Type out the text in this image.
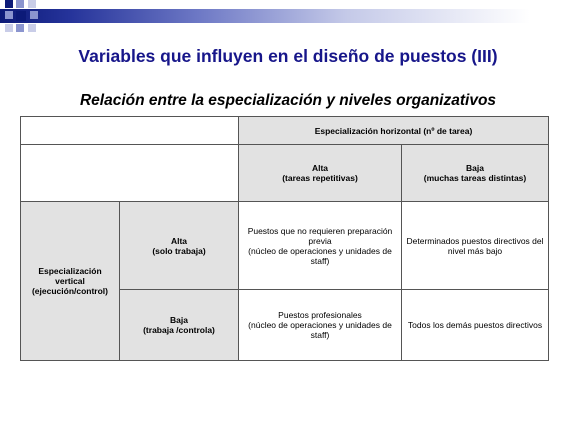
Variables que influyen en el diseño de puestos (III)
Relación entre la especialización y niveles organizativos
Especialización horizontal (nº de tarea)
Alta
(tareas repetitivas)
Baja
(muchas tareas distintas)
Especialización
vertical
(ejecución/control)
Alta
(solo trabaja)
Puestos que no requieren preparación
previa
(núcleo de operaciones y unidades de
staff)
Determinados puestos directivos del
nivel más bajo
Baja
(trabaja /controla)
Puestos profesionales
(núcleo de operaciones y unidades de
staff)
Todos los demás puestos directivos
